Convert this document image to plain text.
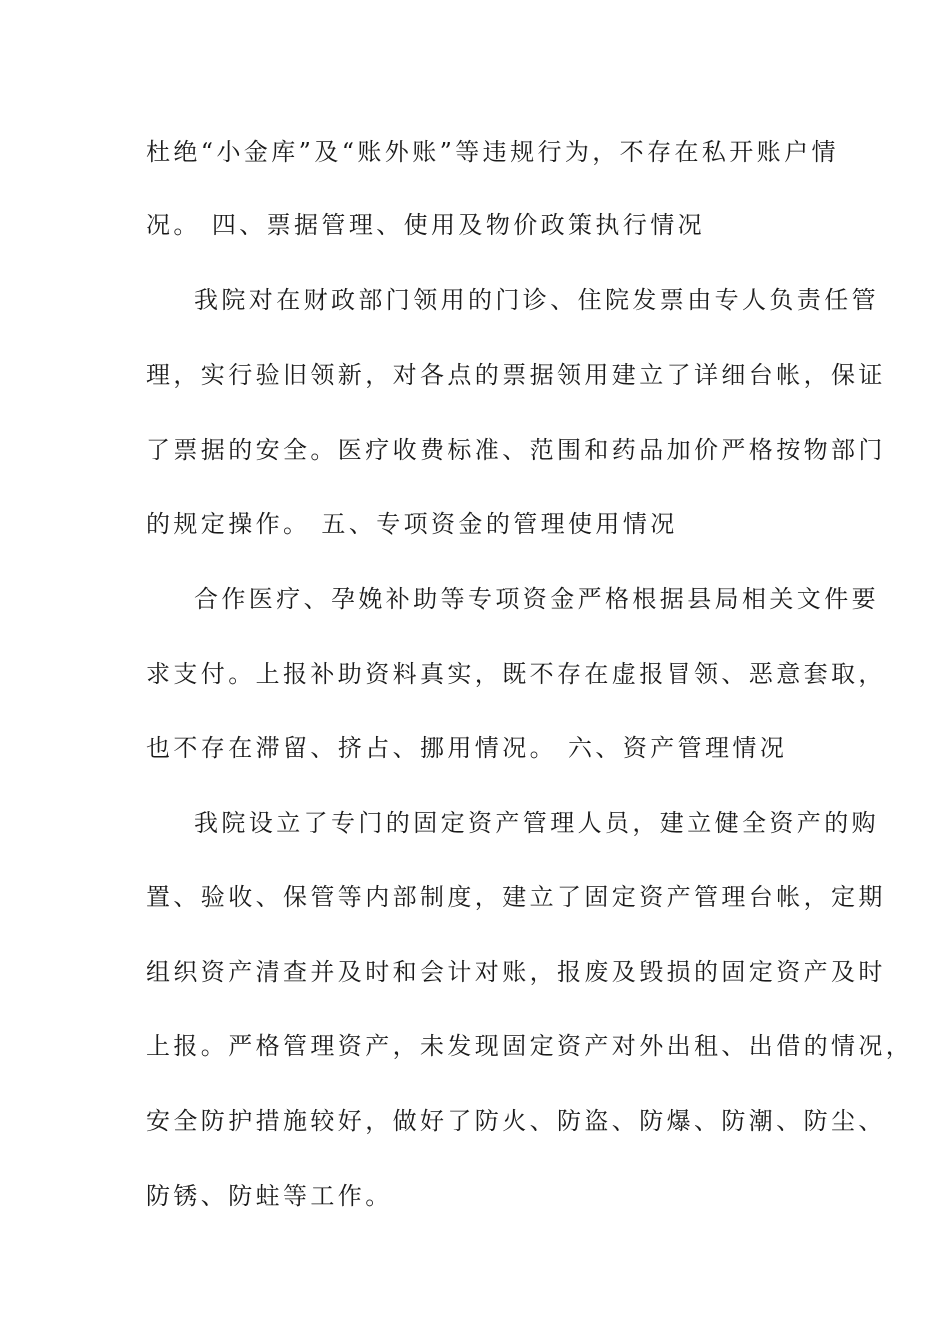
杜绝“小金库”及“账外账”等违规行为，不存在私开账户情
况。 四、票据管理、使用及物价政策执行情况
我院对在财政部门领用的门诊、住院发票由专人负责任管
理，实行验旧领新，对各点的票据领用建立了详细台帐，保证
了票据的安全。医疗收费标准、范围和药品加价严格按物部门
的规定操作。 五、专项资金的管理使用情况
合作医疗、孕娩补助等专项资金严格根据县局相关文件要
求支付。上报补助资料真实，既不存在虚报冒领、恶意套取，
也不存在滞留、挤占、挪用情况。 六、资产管理情况
我院设立了专门的固定资产管理人员，建立健全资产的购
置、验收、保管等内部制度，建立了固定资产管理台帐，定期
组织资产清查并及时和会计对账，报废及毁损的固定资产及时
上报。严格管理资产，未发现固定资产对外出租、出借的情况，
安全防护措施较好，做好了防火、防盗、防爆、防潮、防尘、
防锈、防蛀等工作。
